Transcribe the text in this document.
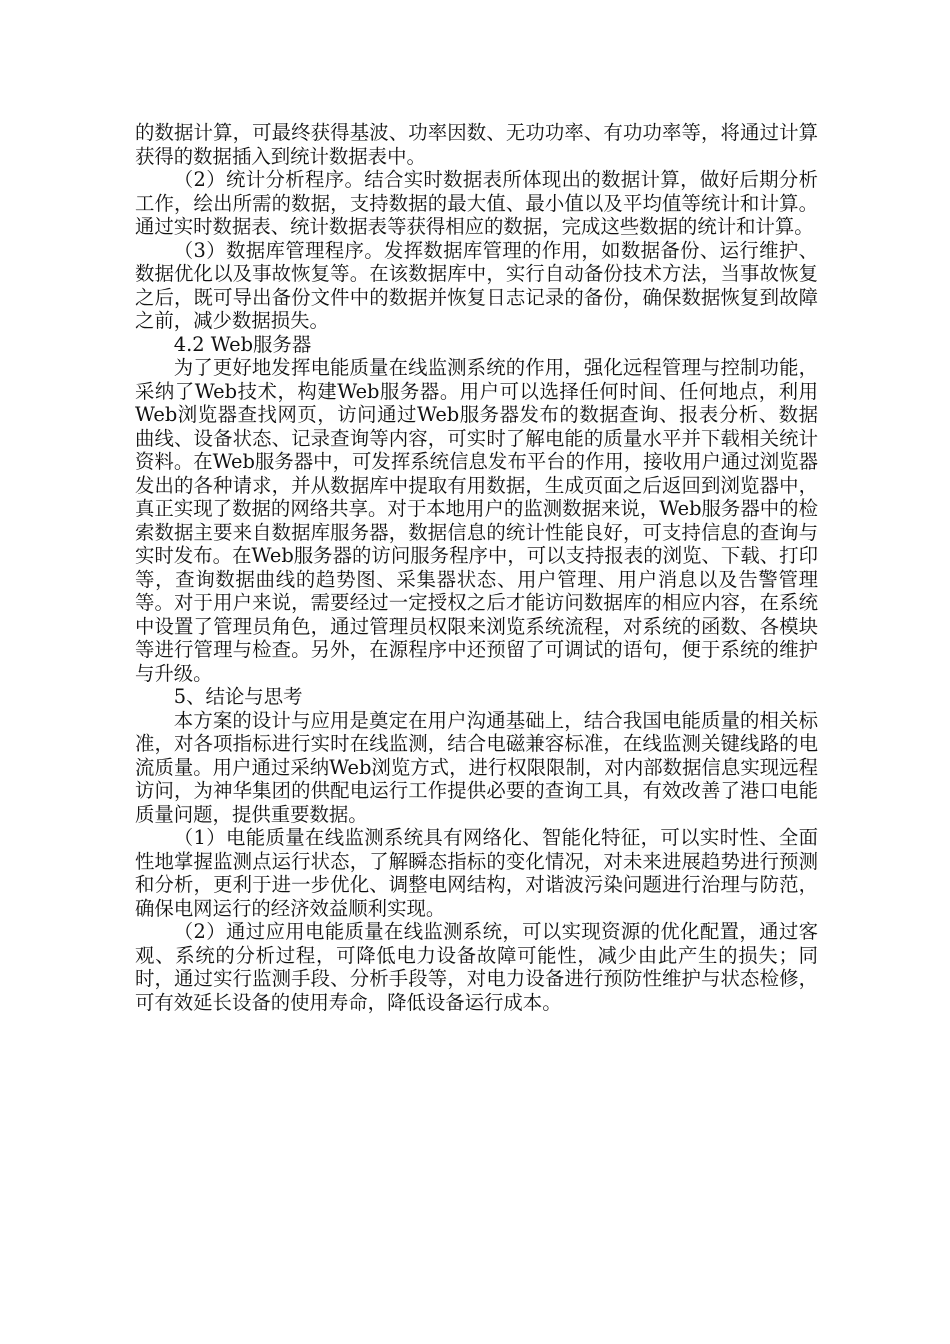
的数据计算，可最终获得基波、功率因数、无功功率、有功功率等，将通过计算获得的数据插入到统计数据表中。

（2）统计分析程序。结合实时数据表所体现出的数据计算，做好后期分析工作，绘出所需的数据，支持数据的最大值、最小值以及平均值等统计和计算。通过实时数据表、统计数据表等获得相应的数据，完成这些数据的统计和计算。

（3）数据库管理程序。发挥数据库管理的作用，如数据备份、运行维护、数据优化以及事故恢复等。在该数据库中，实行自动备份技术方法，当事故恢复之后，既可导出备份文件中的数据并恢复日志记录的备份，确保数据恢复到故障之前，减少数据损失。

4.2 Web服务器

为了更好地发挥电能质量在线监测系统的作用，强化远程管理与控制功能，采纳了Web技术，构建Web服务器。用户可以选择任何时间、任何地点，利用Web浏览器查找网页，访问通过Web服务器发布的数据查询、报表分析、数据曲线、设备状态、记录查询等内容，可实时了解电能的质量水平并下载相关统计资料。在Web服务器中，可发挥系统信息发布平台的作用，接收用户通过浏览器发出的各种请求，并从数据库中提取有用数据，生成页面之后返回到浏览器中，真正实现了数据的网络共享。对于本地用户的监测数据来说，Web服务器中的检索数据主要来自数据库服务器，数据信息的统计性能良好，可支持信息的查询与实时发布。在Web服务器的访问服务程序中，可以支持报表的浏览、下载、打印等，查询数据曲线的趋势图、采集器状态、用户管理、用户消息以及告警管理等。对于用户来说，需要经过一定授权之后才能访问数据库的相应内容，在系统中设置了管理员角色，通过管理员权限来浏览系统流程，对系统的函数、各模块等进行管理与检查。另外，在源程序中还预留了可调试的语句，便于系统的维护与升级。

5、结论与思考

本方案的设计与应用是奠定在用户沟通基础上，结合我国电能质量的相关标准，对各项指标进行实时在线监测，结合电磁兼容标准，在线监测关键线路的电流质量。用户通过采纳Web浏览方式，进行权限限制，对内部数据信息实现远程访问，为神华集团的供配电运行工作提供必要的查询工具，有效改善了港口电能质量问题，提供重要数据。

（1）电能质量在线监测系统具有网络化、智能化特征，可以实时性、全面性地掌握监测点运行状态，了解瞬态指标的变化情况，对未来进展趋势进行预测和分析，更利于进一步优化、调整电网结构，对谐波污染问题进行治理与防范，确保电网运行的经济效益顺利实现。

（2）通过应用电能质量在线监测系统，可以实现资源的优化配置，通过客观、系统的分析过程，可降低电力设备故障可能性，减少由此产生的损失；同时，通过实行监测手段、分析手段等，对电力设备进行预防性维护与状态检修，可有效延长设备的使用寿命，降低设备运行成本。
